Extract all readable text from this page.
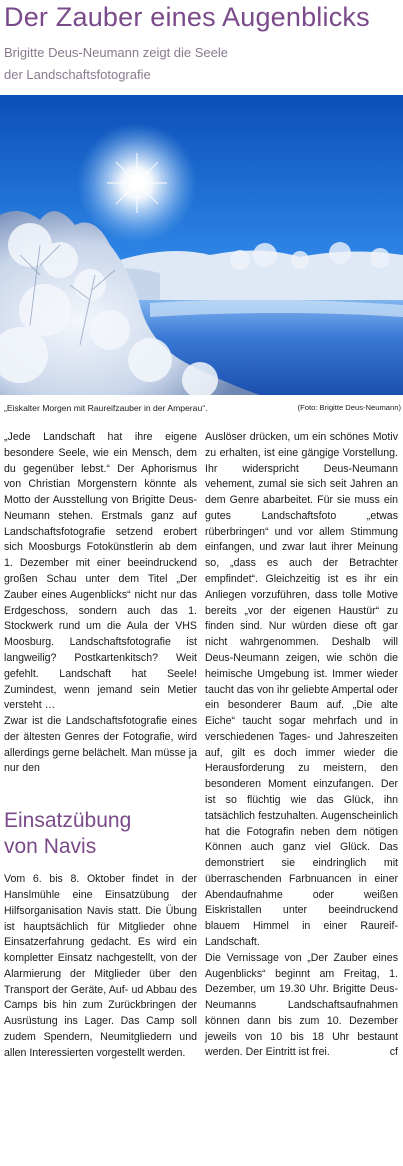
Der Zauber eines Augenblicks
Brigitte Deus-Neumann zeigt die Seele
der Landschaftsfotografie
„Eiskalter Morgen mit Raureifzauber in der Amperau“.	(Foto: Brigitte Deus-Neumann)

„Jede Landschaft hat ihre eigene besondere Seele, wie ein Mensch, dem du gegenüber lebst.“ Der Aphorismus von Christian Morgenstern könnte als Motto der Ausstellung von Brigitte Deus-Neumann stehen. Erstmals ganz auf Landschaftsfotografie setzend erobert sich Moosburgs Fotokünstlerin ab dem 1. Dezember mit einer beeindruckend großen Schau unter dem Titel „Der Zauber eines Augenblicks“ nicht nur das Erdgeschoss, sondern auch das 1. Stockwerk rund um die Aula der VHS Moosburg. Landschaftsfotografie ist langweilig? Postkartenkitsch? Weit gefehlt. Landschaft hat Seele! Zumindest, wenn jemand sein Metier versteht …

Zwar ist die Landschaftsfotografie eines der ältesten Genres der Fotografie, wird allerdings gerne belächelt. Man müsse ja nur den

Einsatzübung
von Navis

Vom 6. bis 8. Oktober findet in der Hanslmühle eine Einsatzübung der Hilfsorganisation Navis statt. Die Übung ist hauptsächlich für Mitglieder ohne Einsatzerfahrung gedacht. Es wird ein kompletter Einsatz nachgestellt, von der Alarmierung der Mitglieder über den Transport der Geräte, Auf- ud Abbau des Camps bis hin zum Zurückbringen der Ausrüstung ins Lager. Das Camp soll zudem Spendern, Neumitgliedern und allen Interessierten vorgestellt werden.

Auslöser drücken, um ein schönes Motiv zu erhalten, ist eine gängige Vorstellung. Ihr widerspricht Deus-Neumann vehement, zumal sie sich seit Jahren an dem Genre abarbeitet. Für sie muss ein gutes Landschaftsfoto „etwas rüberbringen“ und vor allem Stimmung einfangen, und zwar laut ihrer Meinung so, „dass es auch der Betrachter empfindet“. Gleichzeitig ist es ihr ein Anliegen vorzuführen, dass tolle Motive bereits „vor der eigenen Haustür“ zu finden sind. Nur würden diese oft gar nicht wahrgenommen. Deshalb will Deus-Neumann zeigen, wie schön die heimische Umgebung ist. Immer wieder taucht das von ihr geliebte Ampertal oder ein besonderer Baum auf. „Die alte Eiche“ taucht sogar mehrfach und in verschiedenen Tages- und Jahreszeiten auf, gilt es doch immer wieder die Herausforderung zu meistern, den besonderen Moment einzufangen. Der ist so flüchtig wie das Glück, ihn tatsächlich festzuhalten. Augenscheinlich hat die Fotografin neben dem nötigen Können auch ganz viel Glück. Das demonstriert sie eindringlich mit überraschenden Farbnuancen in einer Abendaufnahme oder weißen Eiskristallen unter beeindruckend blauem Himmel in einer Raureif-Landschaft.

Die Vernissage von „Der Zauber eines Augenblicks“ beginnt am Freitag, 1. Dezember, um 19.30 Uhr. Brigitte Deus-Neumanns Landschaftsaufnahmen können dann bis zum 10. Dezember jeweils von 10 bis 18 Uhr bestaunt werden. Der Eintritt ist frei.	cf
